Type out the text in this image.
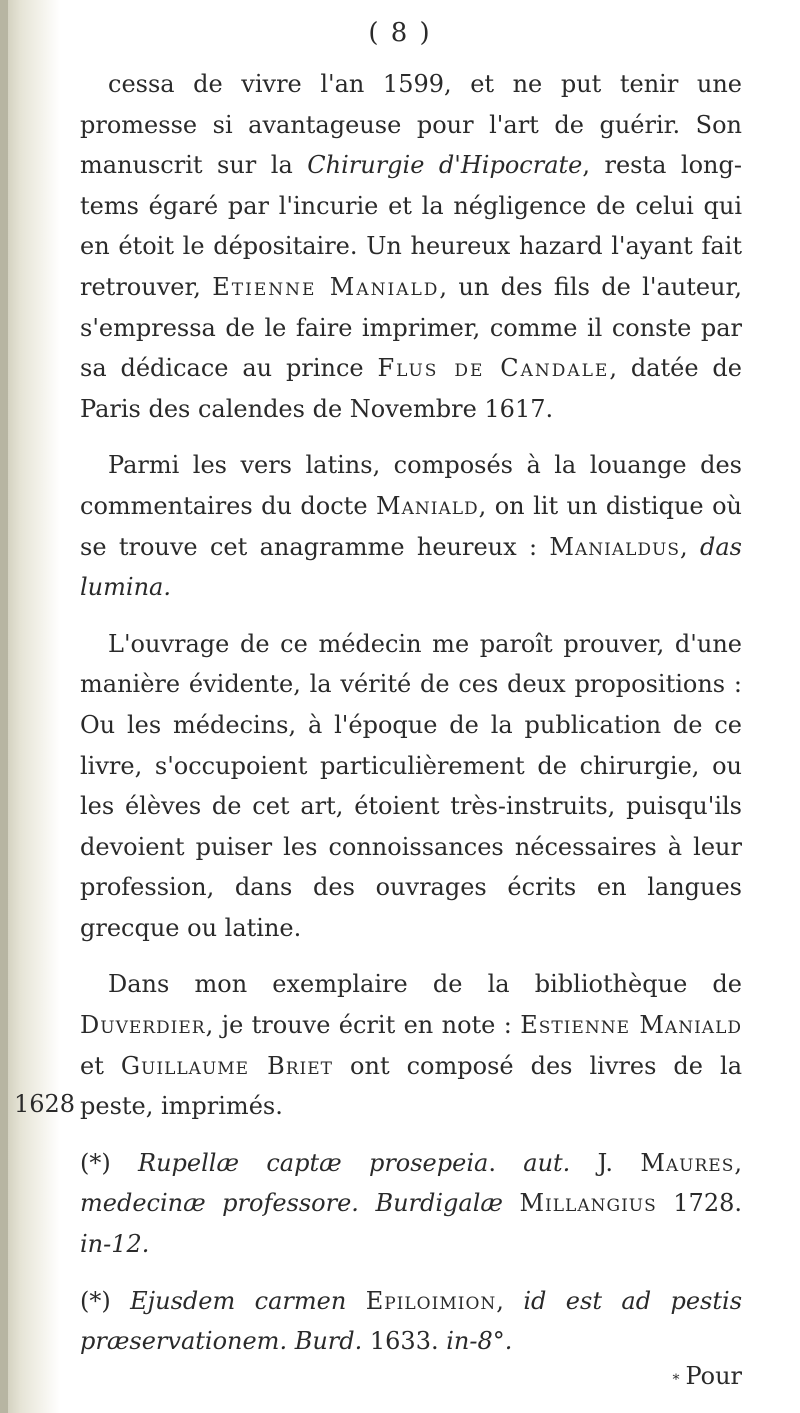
( 8 )
1628

cessa de vivre l'an 1599, et ne put tenir une promesse si avantageuse pour l'art de guérir. Son manuscrit sur la Chirurgie d'Hipocrate, resta long-tems égaré par l'incurie et la négligence de celui qui en étoit le dépositaire. Un heureux hazard l'ayant fait retrouver, Etienne Maniald, un des fils de l'auteur, s'empressa de le faire imprimer, comme il conste par sa dédicace au prince Flus de Candale, datée de Paris des calendes de Novembre 1617.

Parmi les vers latins, composés à la louange des commentaires du docte Maniald, on lit un distique où se trouve cet anagramme heureux : Manialdus, das lumina.

L'ouvrage de ce médecin me paroît prouver, d'une manière évidente, la vérité de ces deux propositions : Ou les médecins, à l'époque de la publication de ce livre, s'occupoient particulièrement de chirurgie, ou les élèves de cet art, étoient très-instruits, puisqu'ils devoient puiser les connoissances nécessaires à leur profession, dans des ouvrages écrits en langues grecque ou latine.

Dans mon exemplaire de la bibliothèque de Duverdier, je trouve écrit en note : Estienne Maniald et Guillaume Briet ont composé des livres de la peste, imprimés.

(*) Rupellæ captæ prosepeia. aut. J. Maures, medecinæ professore. Burdigalæ Millangius 1728. in-12.

(*) Ejusdem carmen Epiloimion, id est ad pestis præservationem. Burd. 1633. in-8°.

* Pour
